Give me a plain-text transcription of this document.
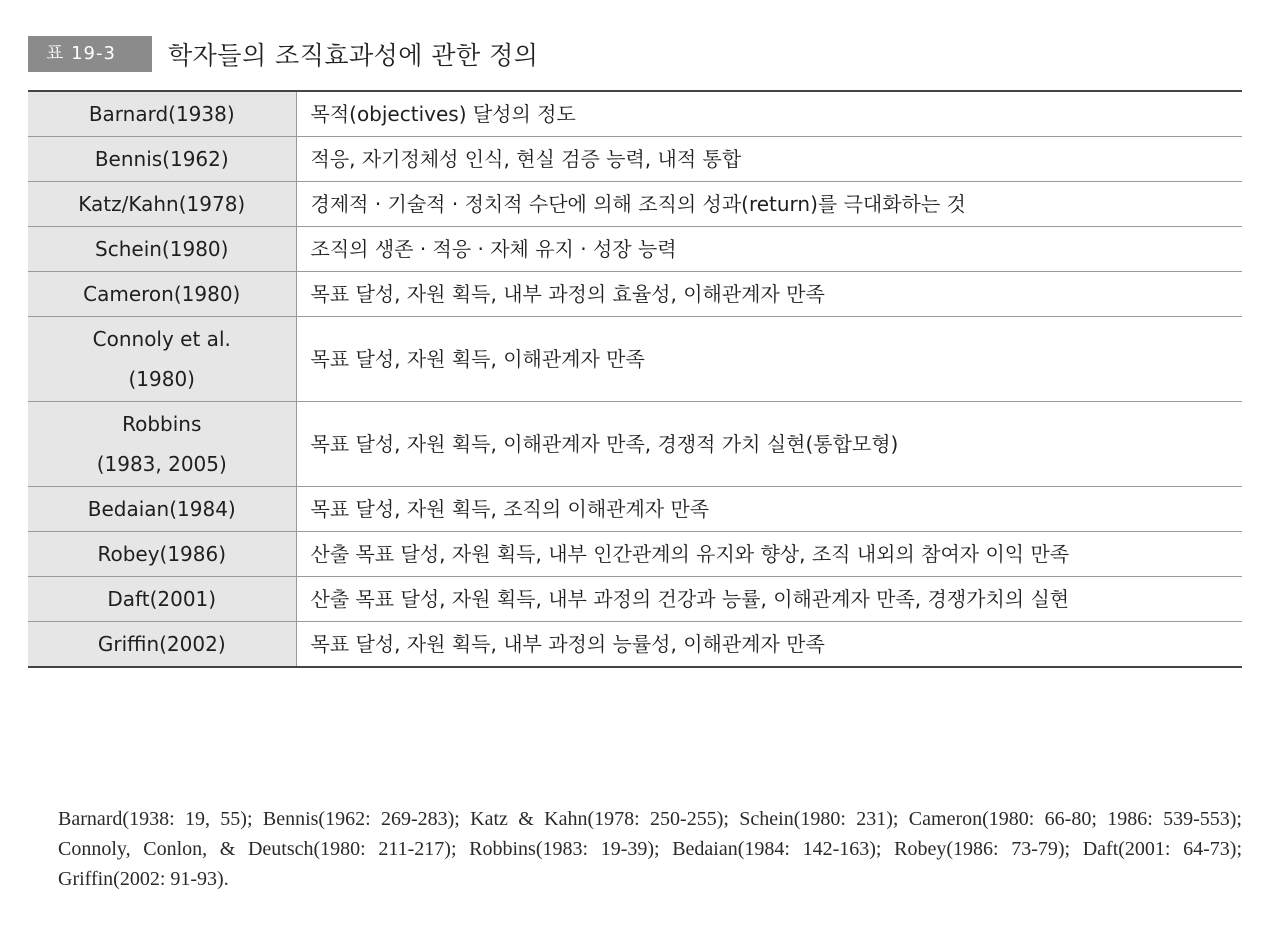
표 19-3	학자들의 조직효과성에 관한 정의
Barnard(1938)	목적(objectives) 달성의 정도
Bennis(1962)	적응, 자기정체성 인식, 현실 검증 능력, 내적 통합
Katz/Kahn(1978)	경제적 · 기술적 · 정치적 수단에 의해 조직의 성과(return)를 극대화하는 것
Schein(1980)	조직의 생존 · 적응 · 자체 유지 · 성장 능력
Cameron(1980)	목표 달성, 자원 획득, 내부 과정의 효율성, 이해관계자 만족
Connoly et al.
(1980)	목표 달성, 자원 획득, 이해관계자 만족
Robbins
(1983, 2005)	목표 달성, 자원 획득, 이해관계자 만족, 경쟁적 가치 실현(통합모형)
Bedaian(1984)	목표 달성, 자원 획득, 조직의 이해관계자 만족
Robey(1986)	산출 목표 달성, 자원 획득, 내부 인간관계의 유지와 향상, 조직 내외의 참여자 이익 만족
Daft(2001)	산출 목표 달성, 자원 획득, 내부 과정의 건강과 능률, 이해관계자 만족, 경쟁가치의 실현
Griffin(2002)	목표 달성, 자원 획득, 내부 과정의 능률성, 이해관계자 만족
Barnard(1938: 19, 55); Bennis(1962: 269-283); Katz & Kahn(1978: 250-255); Schein(1980: 231); Cameron(1980: 66-80; 1986: 539-553); Connoly, Conlon, & Deutsch(1980: 211-217); Robbins(1983: 19-39); Bedaian(1984: 142-163); Robey(1986: 73-79); Daft(2001: 64-73); Griffin(2002: 91-93).
